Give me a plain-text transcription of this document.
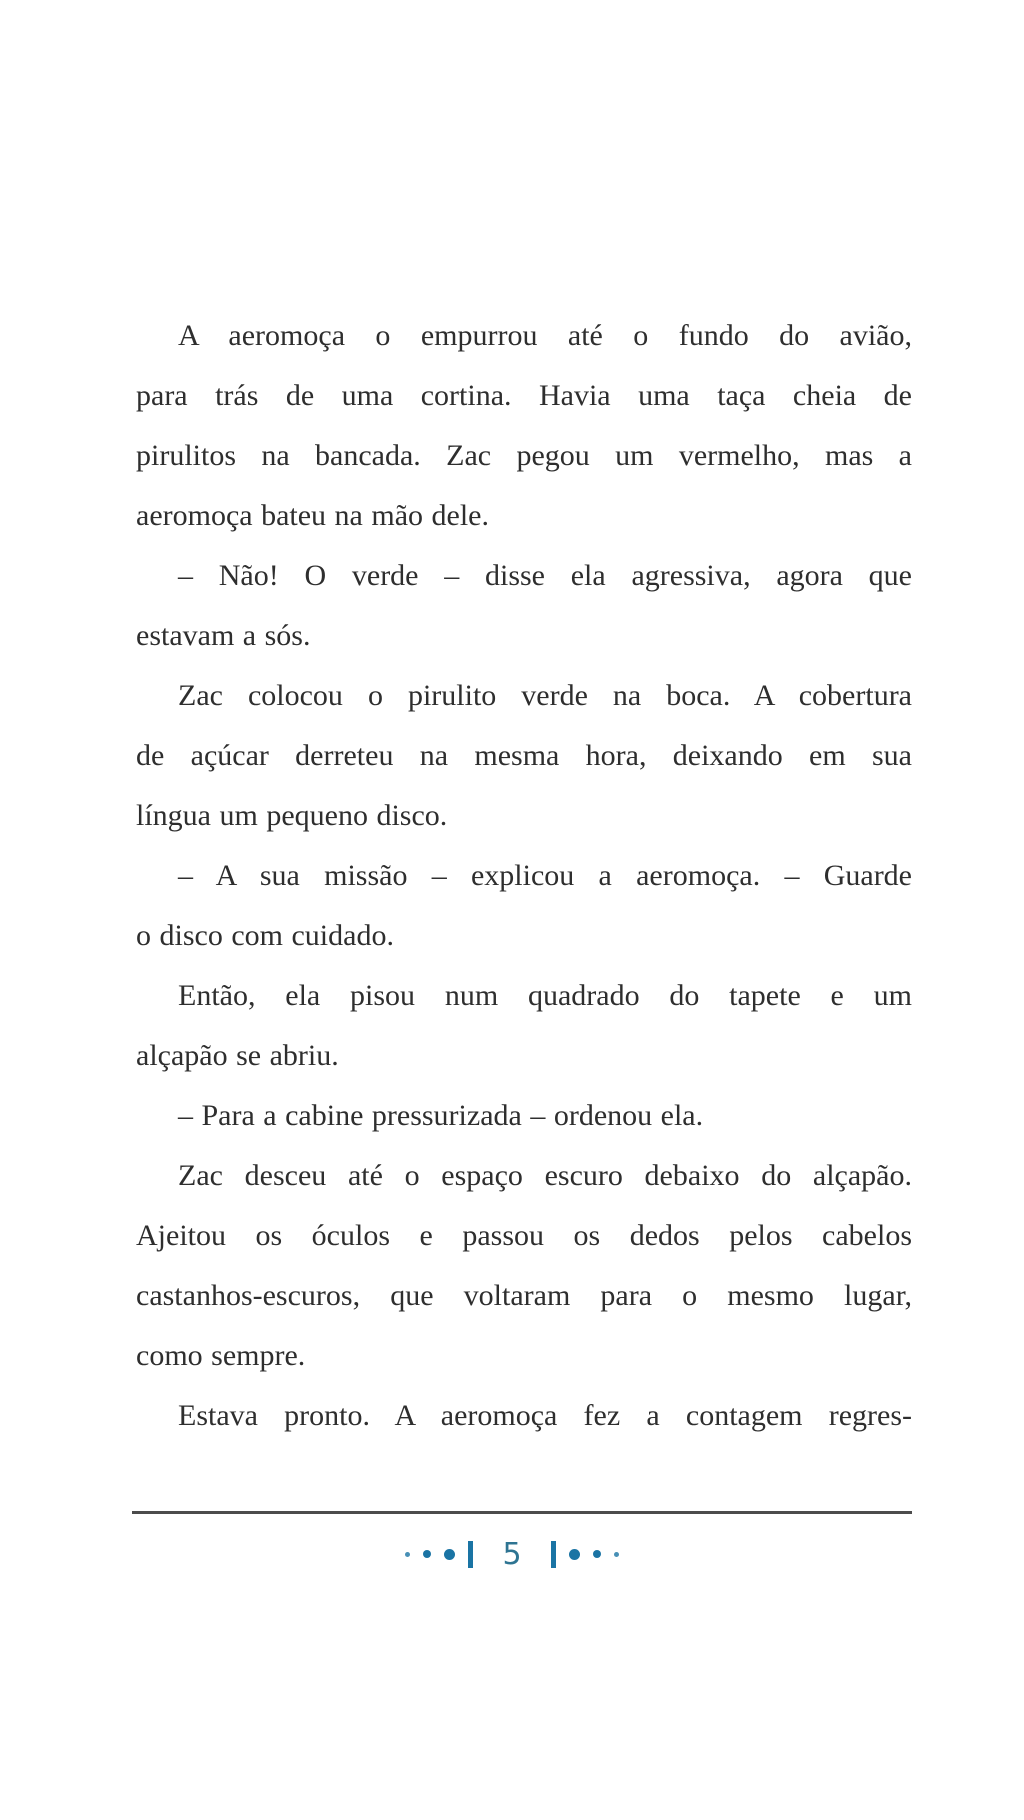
A aeromoça o empurrou até o fundo do avião,
para trás de uma cortina. Havia uma taça cheia de
pirulitos na bancada. Zac pegou um vermelho, mas a
aeromoça bateu na mão dele.
– Não! O verde – disse ela agressiva, agora que
estavam a sós.
Zac colocou o pirulito verde na boca. A cobertura
de açúcar derreteu na mesma hora, deixando em sua
língua um pequeno disco.
– A sua missão – explicou a aeromoça. – Guarde
o disco com cuidado.
Então, ela pisou num quadrado do tapete e um
alçapão se abriu.
– Para a cabine pressurizada – ordenou ela.
Zac desceu até o espaço escuro debaixo do alçapão.
Ajeitou os óculos e passou os dedos pelos cabelos
castanhos-escuros, que voltaram para o mesmo lugar,
como sempre.
Estava pronto. A aeromoça fez a contagem regres-
5
